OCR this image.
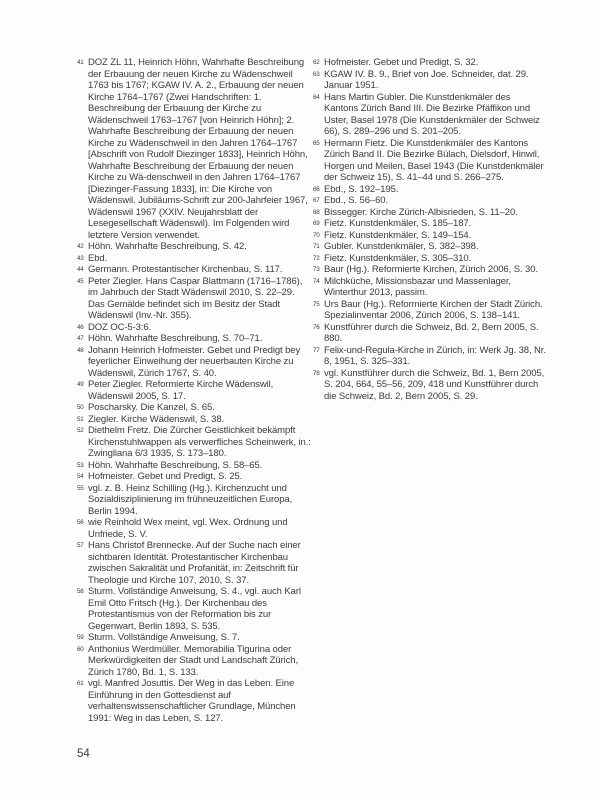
41 DOZ ZL 11, Heinrich Höhn, Wahrhafte Beschreibung der Erbauung der neuen Kirche zu Wädenschweil 1763 bis 1767; KGAW IV. A. 2., Erbauung der neuen Kirche 1764–1767 (Zwei Handschriften: 1. Beschreibung der Erbauung der Kirche zu Wädenschweil 1763–1767 [von Heinrich Höhn]; 2. Wahrhafte Beschreibung der Erbauung der neuen Kirche zu Wädenschweil in den Jahren 1764–1767 [Abschrift von Rudolf Diezinger 1833], Heinrich Höhn, Wahrhafte Beschreibung der Erbauung der neuen Kirche zu Wä-denschweil in den Jahren 1764–1767 [Diezinger-Fassung 1833], in: Die Kirche von Wädenswil. Jubiläums-Schrift zur 200-Jahrfeier 1967, Wädenswil 1967 (XXIV. Neujahrsblatt der Lesegesellschaft Wädenswil). Im Folgenden wird letztere Version verwendet.
42 Höhn. Wahrhafte Beschreibung, S. 42.
43 Ebd.
44 Germann. Protestantischer Kirchenbau, S. 117.
45 Peter Ziegler. Hans Caspar Blattmann (1716–1786), im Jahrbuch der Stadt Wädenswil 2010, S. 22–29. Das Gemälde befindet sich im Besitz der Stadt Wädenswil (Inv.-Nr. 355).
46 DOZ OC-5-3:6.
47 Höhn. Wahrhafte Beschreibung, S. 70–71.
48 Johann Heinrich Hofmeister. Gebet und Predigt bey feyerlicher Einweihung der neuerbauten Kirche zu Wädenswil, Zürich 1767, S. 40.
49 Peter Ziegler. Reformierte Kirche Wädenswil, Wädenswil 2005, S. 17.
50 Poscharsky. Die Kanzel, S. 65.
51 Ziegler. Kirche Wädenswil, S. 38.
52 Diethelm Fretz. Die Zürcher Geistlichkeit bekämpft Kirchenstuhlwappen als verwerfliches Scheinwerk, in.: Zwingliana 6/3 1935, S. 173–180.
53 Höhn. Wahrhafte Beschreibung, S. 58–65.
54 Hofmeister. Gebet und Predigt, S. 25.
55 vgl. z. B. Heinz Schilling (Hg.). Kirchenzucht und Sozialdisziplinierung im frühneuzeitlichen Europa, Berlin 1994.
56 wie Reinhold Wex meint, vgl. Wex. Ordnung und Unfriede, S. V.
57 Hans Christof Brennecke. Auf der Suche nach einer sichtbaren Identität. Protestantischer Kirchenbau zwischen Sakralität und Profanität, in: Zeitschrift für Theologie und Kirche 107, 2010, S. 37.
58 Sturm. Vollständige Anweisung, S. 4., vgl. auch Karl Emil Otto Fritsch (Hg.). Der Kirchenbau des Protestantismus von der Reformation bis zur Gegenwart, Berlin 1893, S. 535.
59 Sturm. Vollständige Anweisung, S. 7.
60 Anthonius Werdmüller. Memorabilia Tigurina oder Merkwürdigkeiten der Stadt und Landschaft Zürich, Zürich 1780, Bd. 1, S. 133.
61 vgl. Manfred Josuttis. Der Weg in das Leben. Eine Einführung in den Gottesdienst auf verhaltenswissenschaftlicher Grundlage, München 1991: Weg in das Leben, S. 127.
62 Hofmeister. Gebet und Predigt, S. 32.
63 KGAW IV. B. 9., Brief von Joe. Schneider, dat. 29. Januar 1951.
64 Hans Martin Gubler. Die Kunstdenkmäler des Kantons Zürich Band III. Die Bezirke Pfäffikon und Uster, Basel 1978 (Die Kunstdenkmäler der Schweiz 66), S. 289–296 und S. 201–205.
65 Hermann Fietz. Die Kunstdenkmäler des Kantons Zürich Band II. Die Bezirke Bülach, Dielsdorf, Hinwil, Horgen und Meilen, Basel 1943 (Die Kunstdenkmäler der Schweiz 15), S. 41–44 und S. 266–275.
66 Ebd., S. 192–195.
67 Ebd., S. 56–60.
68 Bissegger. Kirche Zürich-Albisrieden, S. 11–20.
69 Fietz. Kunstdenkmäler, S. 185–187.
70 Fietz. Kunstdenkmäler, S. 149–154.
71 Gubler. Kunstdenkmäler, S. 382–398.
72 Fietz. Kunstdenkmäler, S. 305–310.
73 Baur (Hg.). Reformierte Kirchen, Zürich 2006, S. 30.
74 Milchküche, Missionsbazar und Massenlager, Winterthur 2013, passim.
75 Urs Baur (Hg.). Reformierte Kirchen der Stadt Zürich. Spezialinventar 2006, Zürich 2006, S. 138–141.
76 Kunstführer durch die Schweiz, Bd. 2, Bern 2005, S. 880.
77 Felix-und-Regula-Kirche in Zürich, in: Werk Jg. 38, Nr. 8, 1951, S. 325–331.
78 vgl. Kunstführer durch die Schweiz, Bd. 1, Bern 2005, S. 204, 664, 55–56, 209, 418 und Kunstführer durch die Schweiz, Bd. 2, Bern 2005, S. 29.
54
